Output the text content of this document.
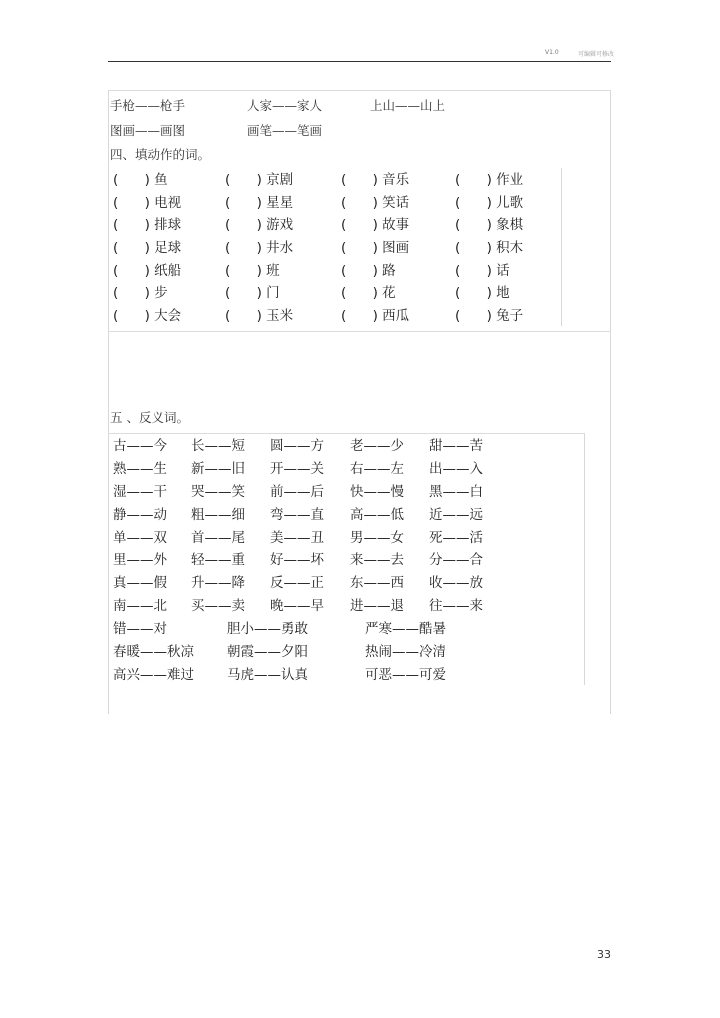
V1.0	可编辑可修改
手枪——枪手	人家——家人	上山——山上
图画——画图	画笔——笔画
四、填动作的词。
( ) 鱼	( ) 京剧	( ) 音乐	( ) 作业
( ) 电视	( ) 星星	( ) 笑话	( ) 儿歌
( ) 排球	( ) 游戏	( ) 故事	( ) 象棋
( ) 足球	( ) 井水	( ) 图画	( ) 积木
( ) 纸船	( ) 班	( ) 路	( ) 话
( ) 步	( ) 门	( ) 花	( ) 地
( ) 大会	( ) 玉米	( ) 西瓜	( ) 兔子
五 、反义词。
古——今 长——短 圆——方 老——少 甜——苦
熟——生 新——旧 开——关 右——左 出——入
湿——干 哭——笑 前——后 快——慢 黑——白
静——动 粗——细 弯——直 高——低 近——远
单——双 首——尾 美——丑 男——女 死——活
里——外 轻——重 好——坏 来——去 分——合
真——假 升——降 反——正 东——西 收——放
南——北 买——卖 晚——早 进——退 往——来
错——对	胆小——勇敢	严寒——酷暑
春暖——秋凉 朝霞——夕阳	热闹——冷清
高兴——难过 马虎——认真	可恶——可爱
33
